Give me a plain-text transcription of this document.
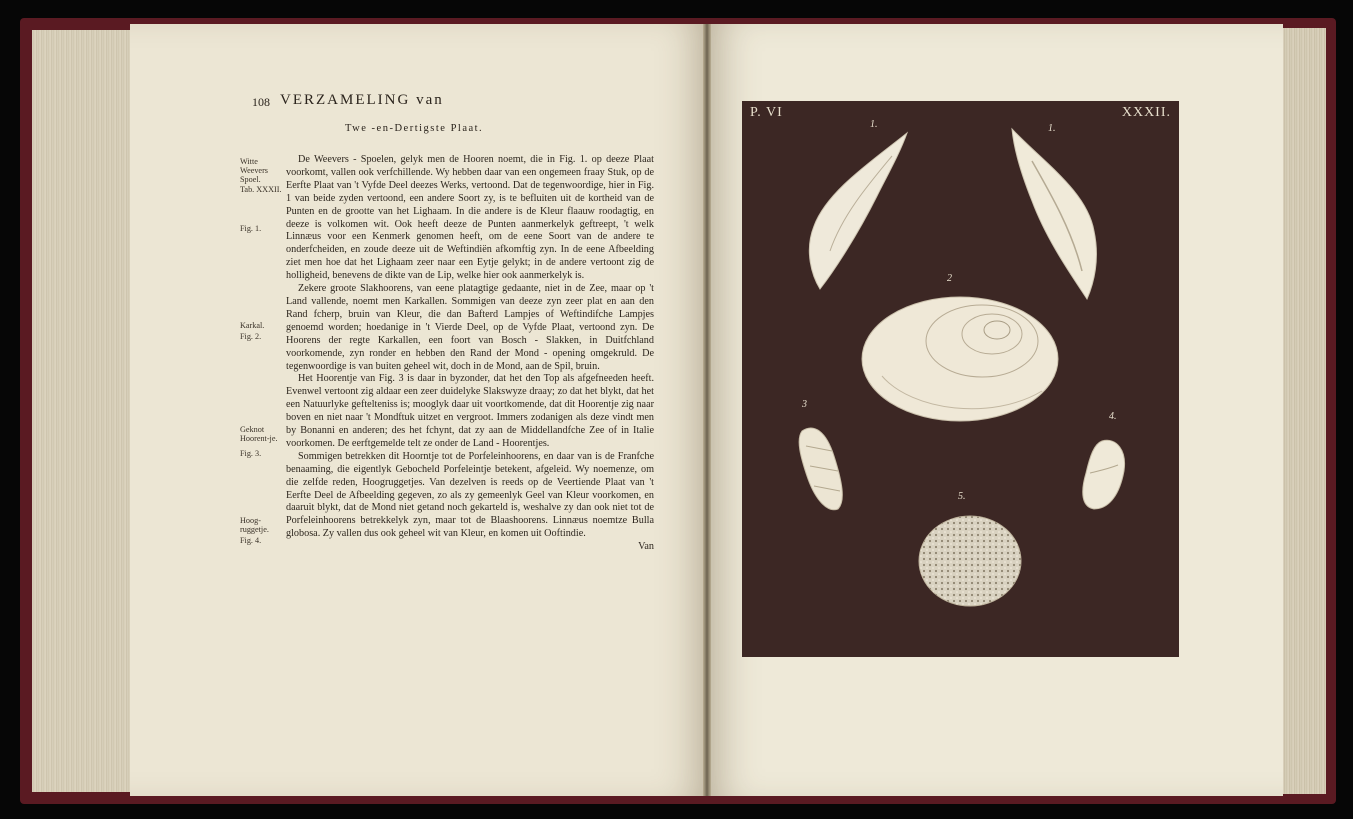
108 VERZAMELING van
Twe -en-Dertigste Plaat.
Witte Weevers Spoel.
Tab. XXXII.
Fig. 1.
Karkal.
Fig. 2.
Geknot Hoorent-je.
Fig. 3.
Hoog-ruggetje.
Fig. 4.

De Weevers - Spoelen, gelyk men de Hooren noemt, die in Fig. 1. op deeze Plaat voorkomt, vallen ook verfchillende. Wy hebben daar van een ongemeen fraay Stuk, op de Eerfte Plaat van 't Vyfde Deel deezes Werks, vertoond. Dat de tegenwoordige, hier in Fig. 1 van beide zyden vertoond, een andere Soort zy, is te befluiten uit de kortheid van de Punten en de grootte van het Lighaam. In die andere is de Kleur flaauw roodagtig, en deeze is volkomen wit. Ook heeft deeze de Punten aanmerkelyk geftreept, 't welk Linnæus voor een Kenmerk genomen heeft, om de eene Soort van de andere te onderfcheiden, en zoude deeze uit de Weftindiën afkomftig zyn. In de eene Afbeelding ziet men hoe dat het Lighaam zeer naar een Eytje gelykt; in de andere vertoont zig de holligheid, benevens de dikte van de Lip, welke hier ook aanmerkelyk is.

Zekere groote Slakhoorens, van eene platagtige gedaante, niet in de Zee, maar op 't Land vallende, noemt men Karkallen. Sommigen van deeze zyn zeer plat en aan den Rand fcherp, bruin van Kleur, die dan Bafterd Lampjes of Weftindifche Lampjes genoemd worden; hoedanige in 't Vierde Deel, op de Vyfde Plaat, vertoond zyn. De Hoorens der regte Karkallen, een foort van Bosch - Slakken, in Duitfchland voorkomende, zyn ronder en hebben den Rand der Mond - opening omgekruld. De tegenwoordige is van buiten geheel wit, doch in de Mond, aan de Spil, bruin.

Het Hoorentje van Fig. 3 is daar in byzonder, dat het den Top als afgefneeden heeft. Evenwel vertoont zig aldaar een zeer duidelyke Slakswyze draay; zo dat het blykt, dat het een Natuurlyke geftelteniss is; mooglyk daar uit voortkomende, dat dit Hoorentje zig naar boven en niet naar 't Mondftuk uitzet en vergroot. Immers zodanigen als deze vindt men by Bonanni en anderen; des het fchynt, dat zy aan de Middellandfche Zee of in Italie voorkomen. De eerftgemelde telt ze onder de Land - Hoorentjes.

Sommigen betrekken dit Hoorntje tot de Porfeleinhoorens, en daar van is de Franfche benaaming, die eigentlyk Gebocheld Porfeleintje betekent, afgeleid. Wy noemenze, om die zelfde reden, Hoogruggetjes. Van dezelven is reeds op de Veertiende Plaat van 't Eerfte Deel de Afbeelding gegeven, zo als zy gemeenlyk Geel van Kleur voorkomen, en daaruit blykt, dat de Mond niet getand noch gekarteld is, weshalve zy dan ook niet tot de Porfeleinhoorens betrekkelyk zyn, maar tot de Blaashoorens. Linnæus noemtze Bulla globosa. Zy vallen dus ook geheel wit van Kleur, en komen uit Ooftindie.

Van
P. VI	XXXII.
1.	1.
2
3
4.
5.
